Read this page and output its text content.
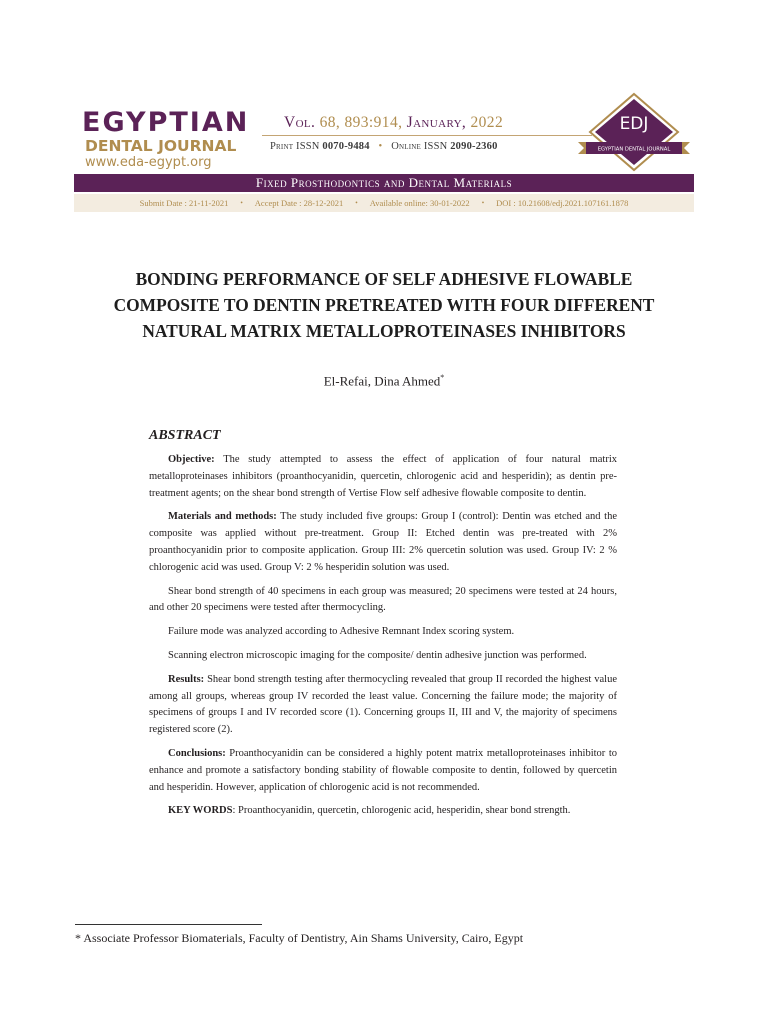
EGYPTIAN
DENTAL JOURNAL
www.eda-egypt.org
Vol. 68, 893:914, January, 2022
Print ISSN 0070-9484 • Online ISSN 2090-2360
EDJ
EGYPTIAN DENTAL JOURNAL
Fixed Prosthodontics and Dental Materials
Submit Date : 21-11-2021 • Accept Date : 28-12-2021 • Available online: 30-01-2022 • DOI : 10.21608/edj.2021.107161.1878
BONDING PERFORMANCE OF SELF ADHESIVE FLOWABLE
COMPOSITE TO DENTIN PRETREATED WITH FOUR DIFFERENT
NATURAL MATRIX METALLOPROTEINASES INHIBITORS
El-Refai, Dina Ahmed*
ABSTRACT

Objective: The study attempted to assess the effect of application of four natural matrix metalloproteinases inhibitors (proanthocyanidin, quercetin, chlorogenic acid and hesperidin); as dentin pre-treatment agents; on the shear bond strength of Vertise Flow self adhesive flowable composite to dentin.

Materials and methods: The study included five groups: Group I (control): Dentin was etched and the composite was applied without pre-treatment. Group II: Etched dentin was pre-treated with 2% proanthocyanidin prior to composite application. Group III: 2% quercetin solution was used. Group IV: 2 % chlorogenic acid was used. Group V: 2 % hesperidin solution was used.

Shear bond strength of 40 specimens in each group was measured; 20 specimens were tested at 24 hours, and other 20 specimens were tested after thermocycling.

Failure mode was analyzed according to Adhesive Remnant Index scoring system.

Scanning electron microscopic imaging for the composite/ dentin adhesive junction was performed.

Results: Shear bond strength testing after thermocycling revealed that group II recorded the highest value among all groups, whereas group IV recorded the least value. Concerning the failure mode; the majority of specimens of groups I and IV recorded score (1). Concerning groups II, III and V, the majority of specimens registered score (2).

Conclusions: Proanthocyanidin can be considered a highly potent matrix metalloproteinases inhibitor to enhance and promote a satisfactory bonding stability of flowable composite to dentin, followed by quercetin and hesperidin. However, application of chlorogenic acid is not recommended.

KEY WORDS: Proanthocyanidin, quercetin, chlorogenic acid, hesperidin, shear bond strength.

* Associate Professor Biomaterials, Faculty of Dentistry, Ain Shams University, Cairo, Egypt
